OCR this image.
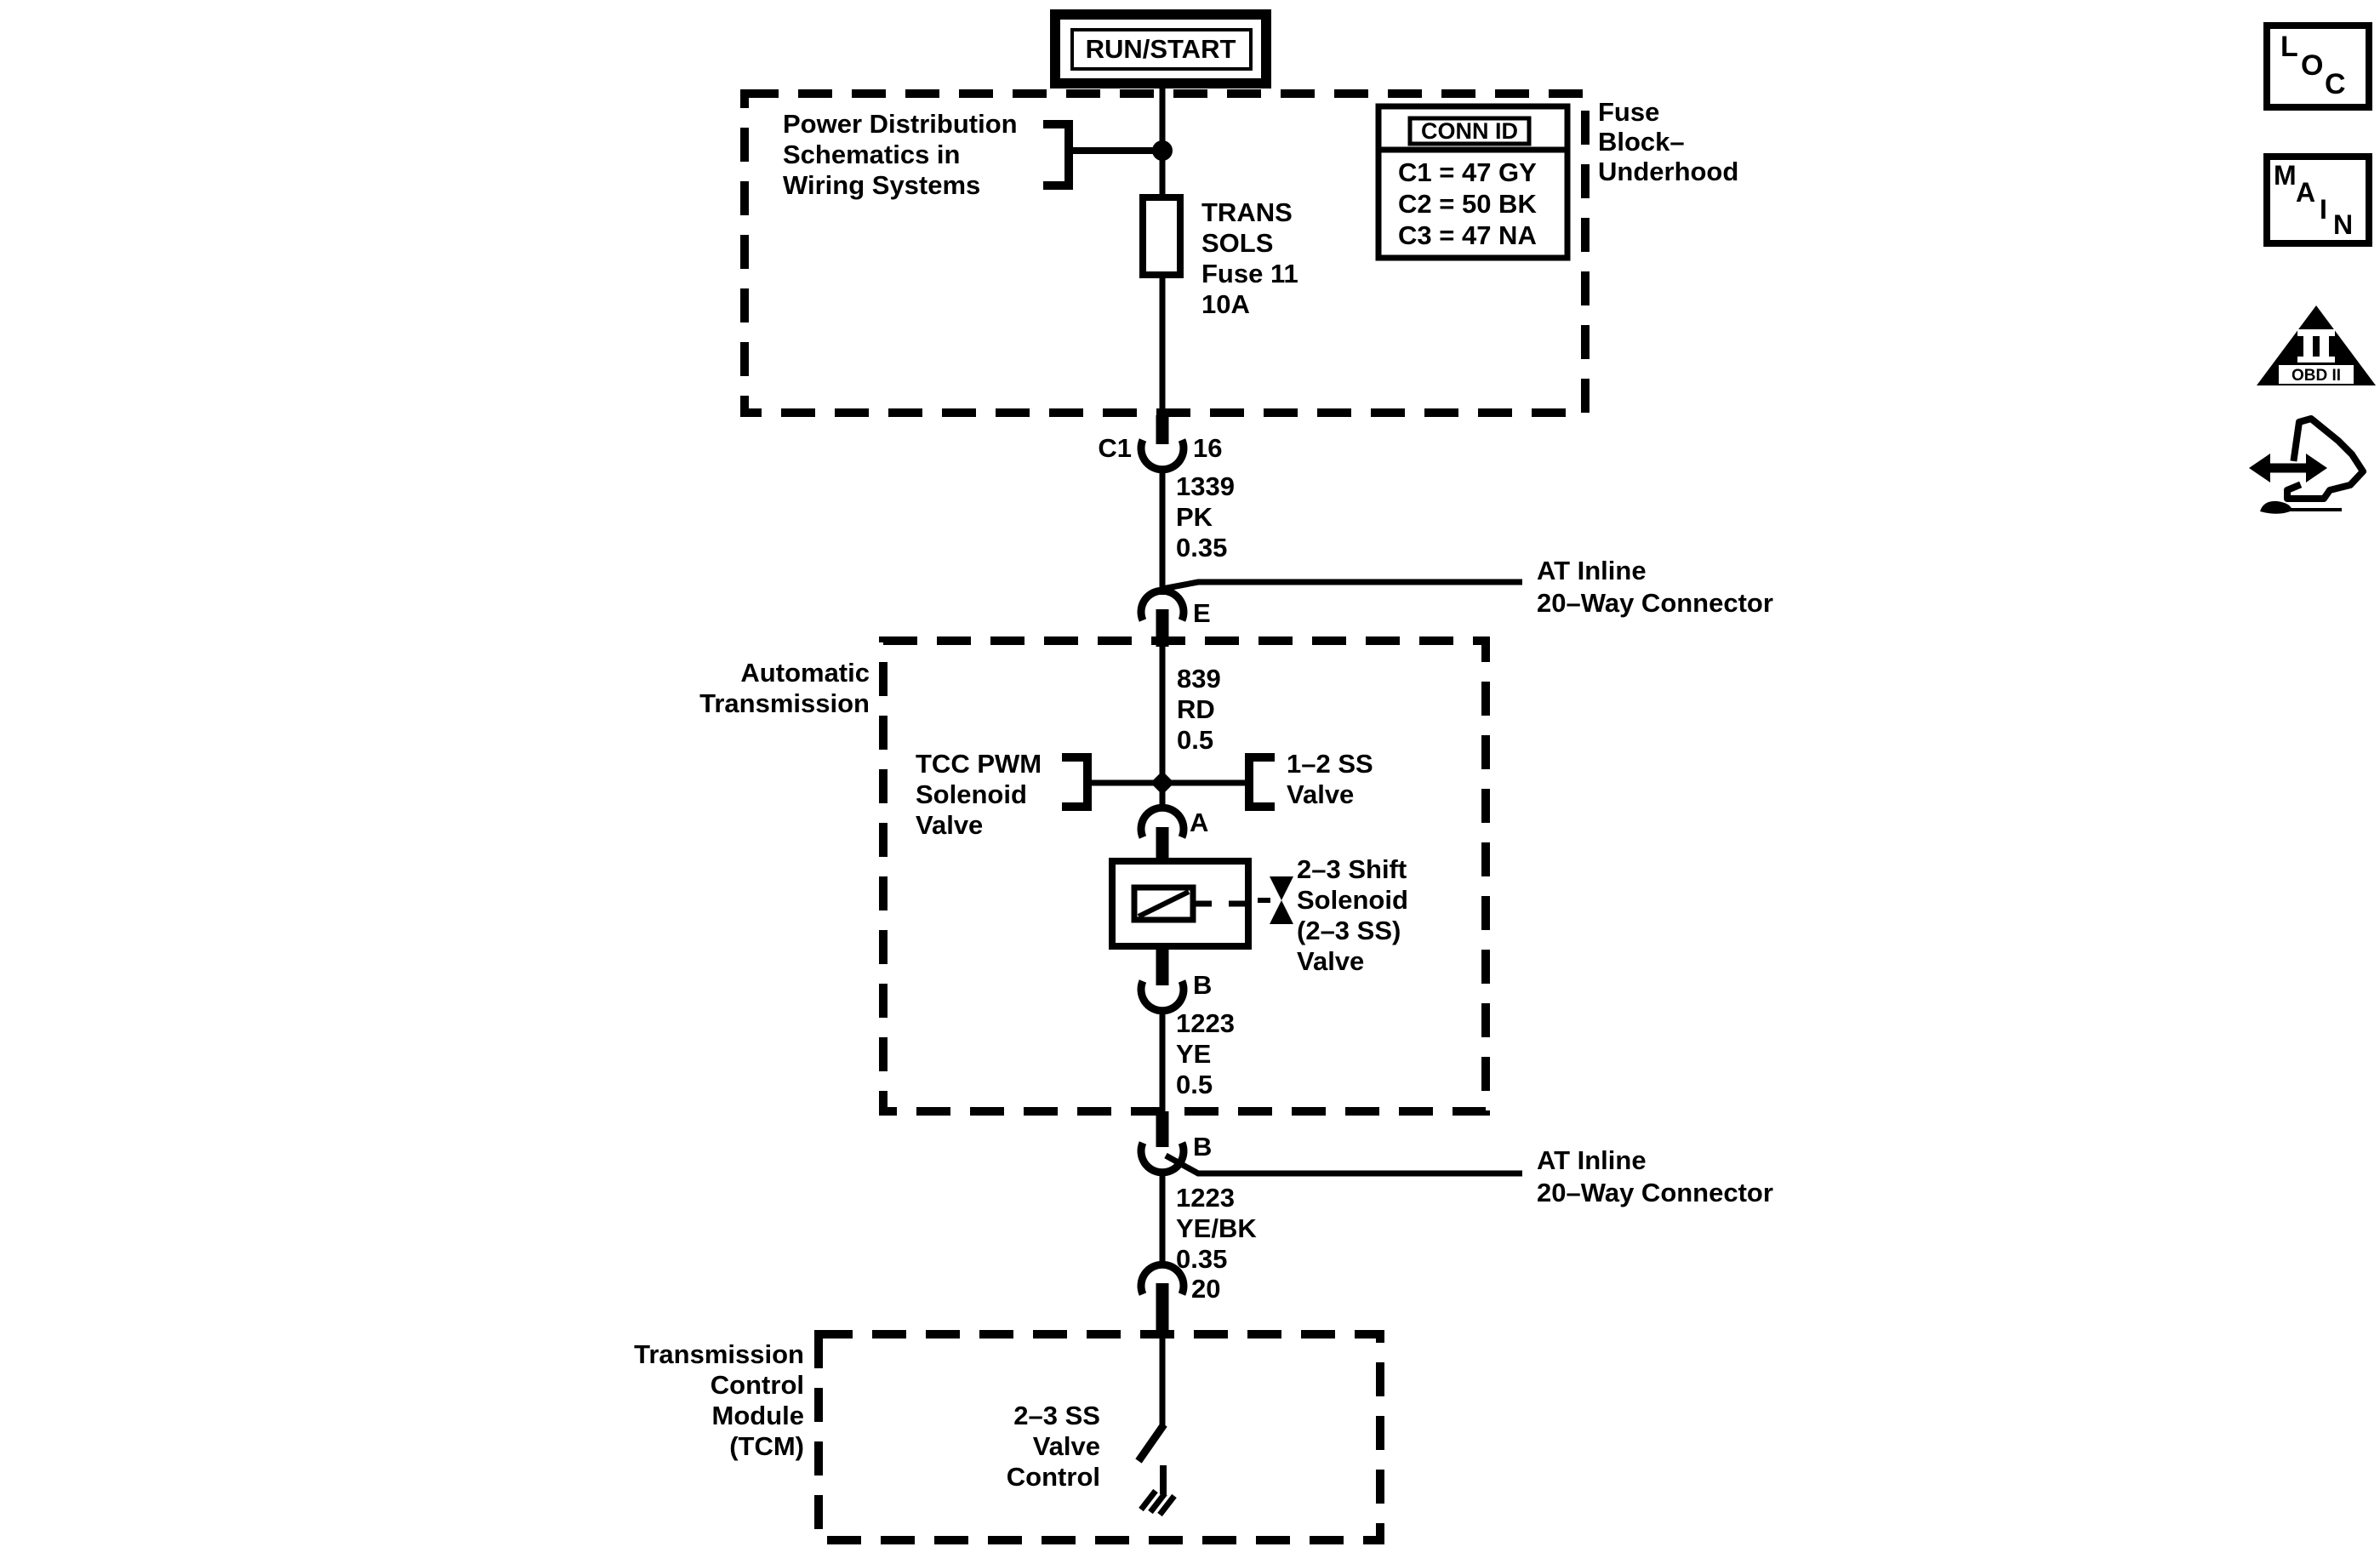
RUN/START
Power Distribution
Schematics in
Wiring Systems
TRANS
SOLS
Fuse 11
10A
CONN ID
C1 = 47 GY
C2 = 50 BK
C3 = 47 NA
Fuse
Block–
Underhood
C1 16
1339
PK
0.35
E
AT Inline
20–Way Connector
Automatic
Transmission
839
RD
0.5
TCC PWM
Solenoid
Valve
1–2 SS
Valve
A
2–3 Shift
Solenoid
(2–3 SS)
Valve
B
1223
YE
0.5
B	AT Inline
20–Way Connector
1223
YE/BK
0.35
20
Transmission
Control
Module
(TCM)
2–3 SS
Valve
Control
L
O
C
M
A
I N
OBD II
